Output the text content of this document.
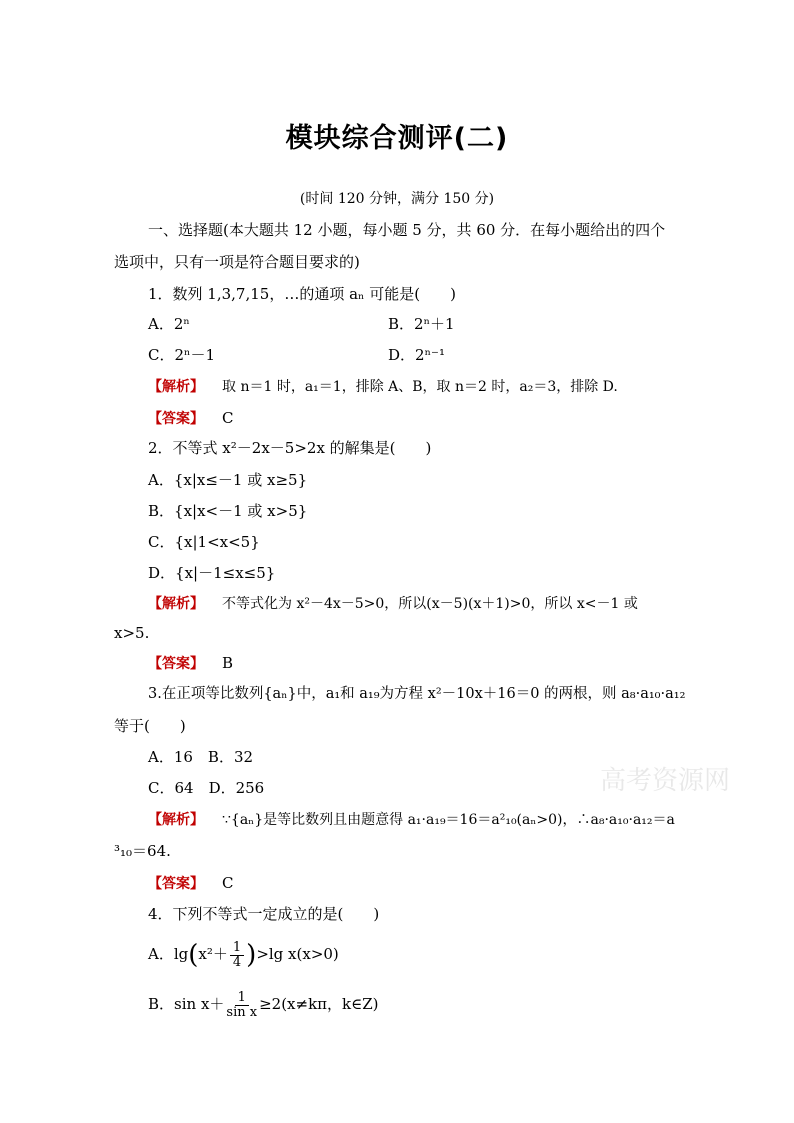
模块综合测评(二)
(时间 120 分钟，满分 150 分)
一、选择题(本大题共 12 小题，每小题 5 分，共 60 分．在每小题给出的四个
选项中，只有一项是符合题目要求的)
1．数列 1,3,7,15，…的通项 aₙ 可能是(　　)
A．2ⁿ	B．2ⁿ＋1
C．2ⁿ－1	D．2ⁿ⁻¹
【解析】 取 n＝1 时，a₁＝1，排除 A、B，取 n＝2 时，a₂＝3，排除 D.
【答案】 C
2．不等式 x²－2x－5>2x 的解集是(　　)
A．{x|x≤－1 或 x≥5}
B．{x|x<－1 或 x>5}
C．{x|1<x<5}
D．{x|－1≤x≤5}
【解析】 不等式化为 x²－4x－5>0，所以(x－5)(x＋1)>0，所以 x<－1 或
x>5.
【答案】 B
3.在正项等比数列{aₙ}中，a₁和 a₁₉为方程 x²－10x＋16＝0 的两根，则 a₈·a₁₀·a₁₂
等于(　　)
A．16　B．32
C．64　D．256
【解析】 ∵{aₙ}是等比数列且由题意得 a₁·a₁₉＝16＝a²₁₀(aₙ>0)，∴a₈·a₁₀·a₁₂＝a
³₁₀＝64.
【答案】 C
4．下列不等式一定成立的是(　　)
A．$\lg(x^2+ \frac{1}{4} )>\lg$ x(x>0)
B．$\sin x+ \frac{1}{\text{sin x}} \ge 2(x\ne k\pi$，k∈Z)
高考资源网
